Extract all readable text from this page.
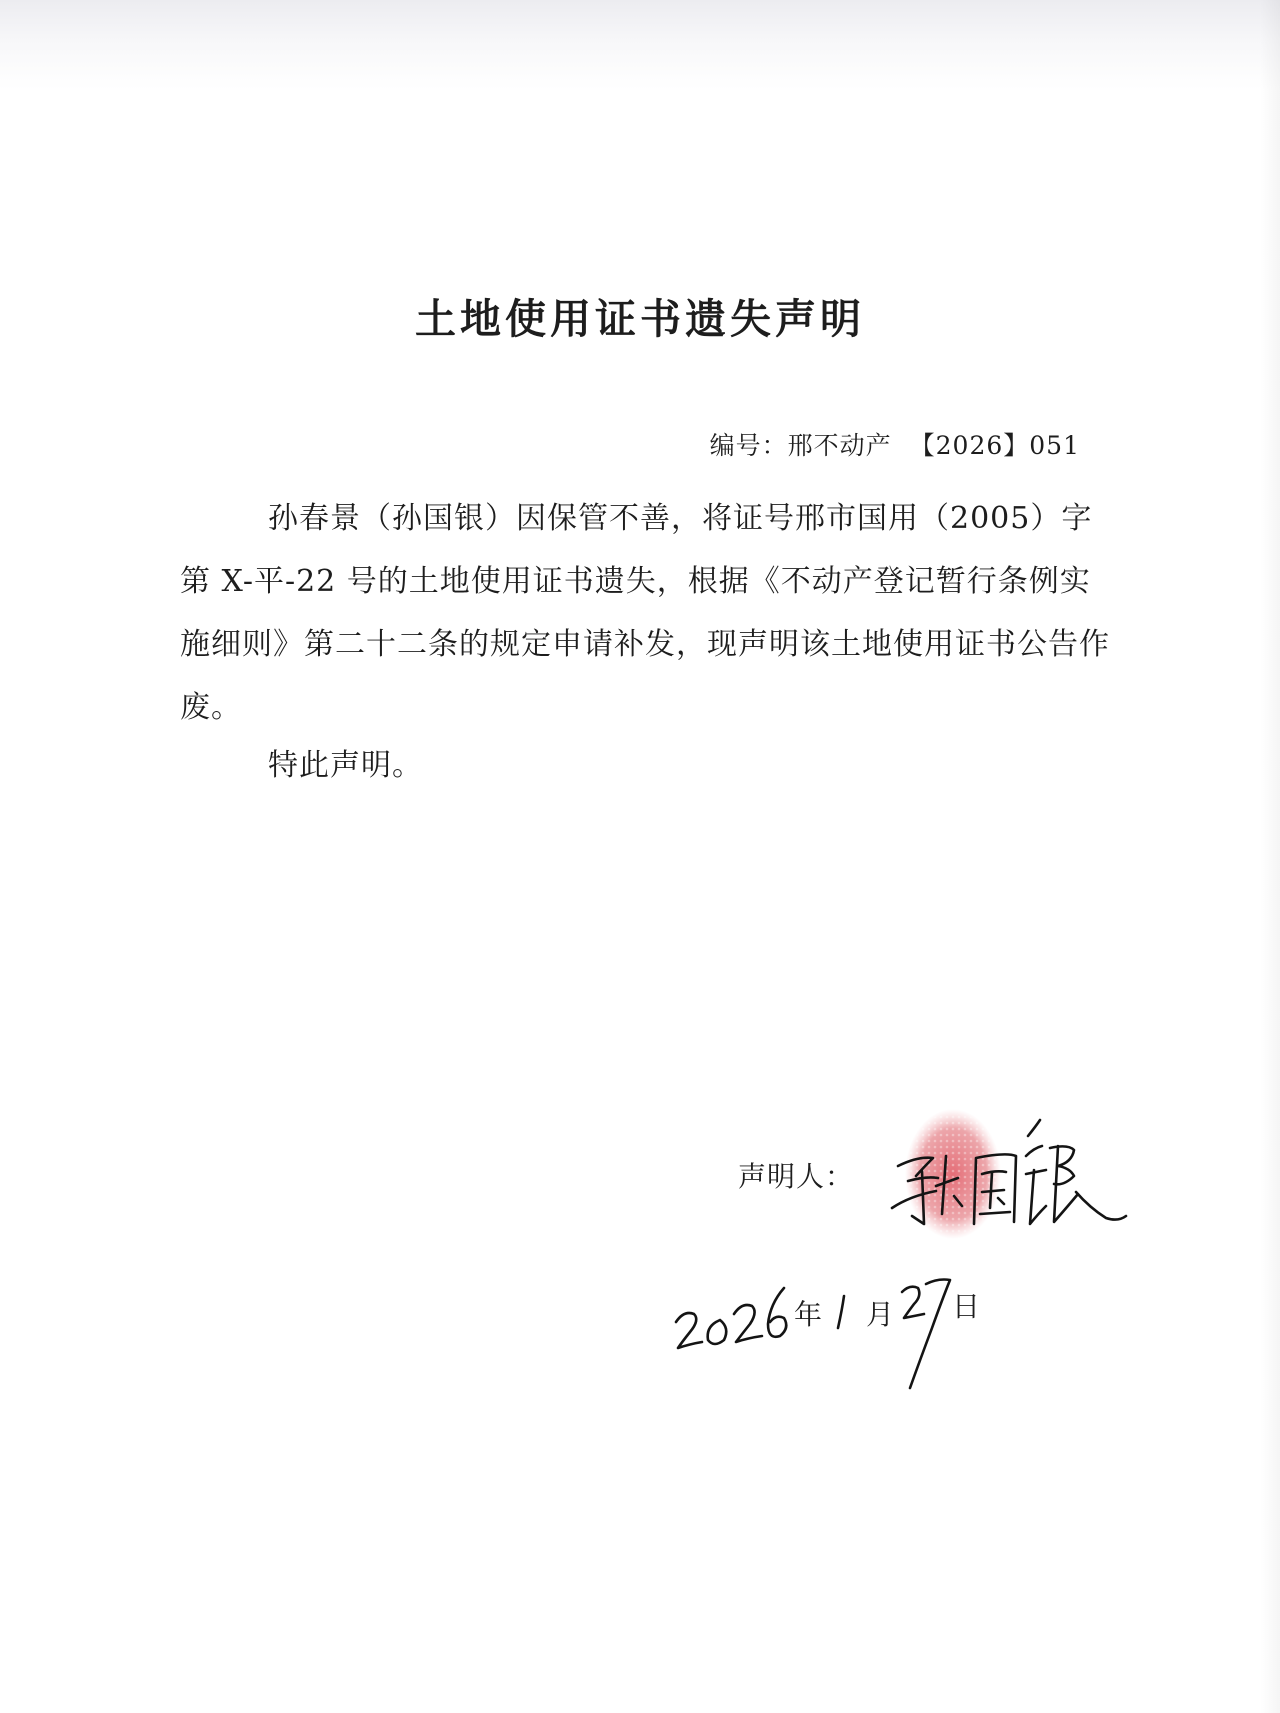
土地使用证书遗失声明
编号：邢不动产 【2026】051

孙春景（孙国银）因保管不善，将证号邢市国用（2005）字第 X-平-22 号的土地使用证书遗失，根据《不动产登记暂行条例实施细则》第二十二条的规定申请补发，现声明该土地使用证书公告作废。

特此声明。
声明人：
年 月 日
